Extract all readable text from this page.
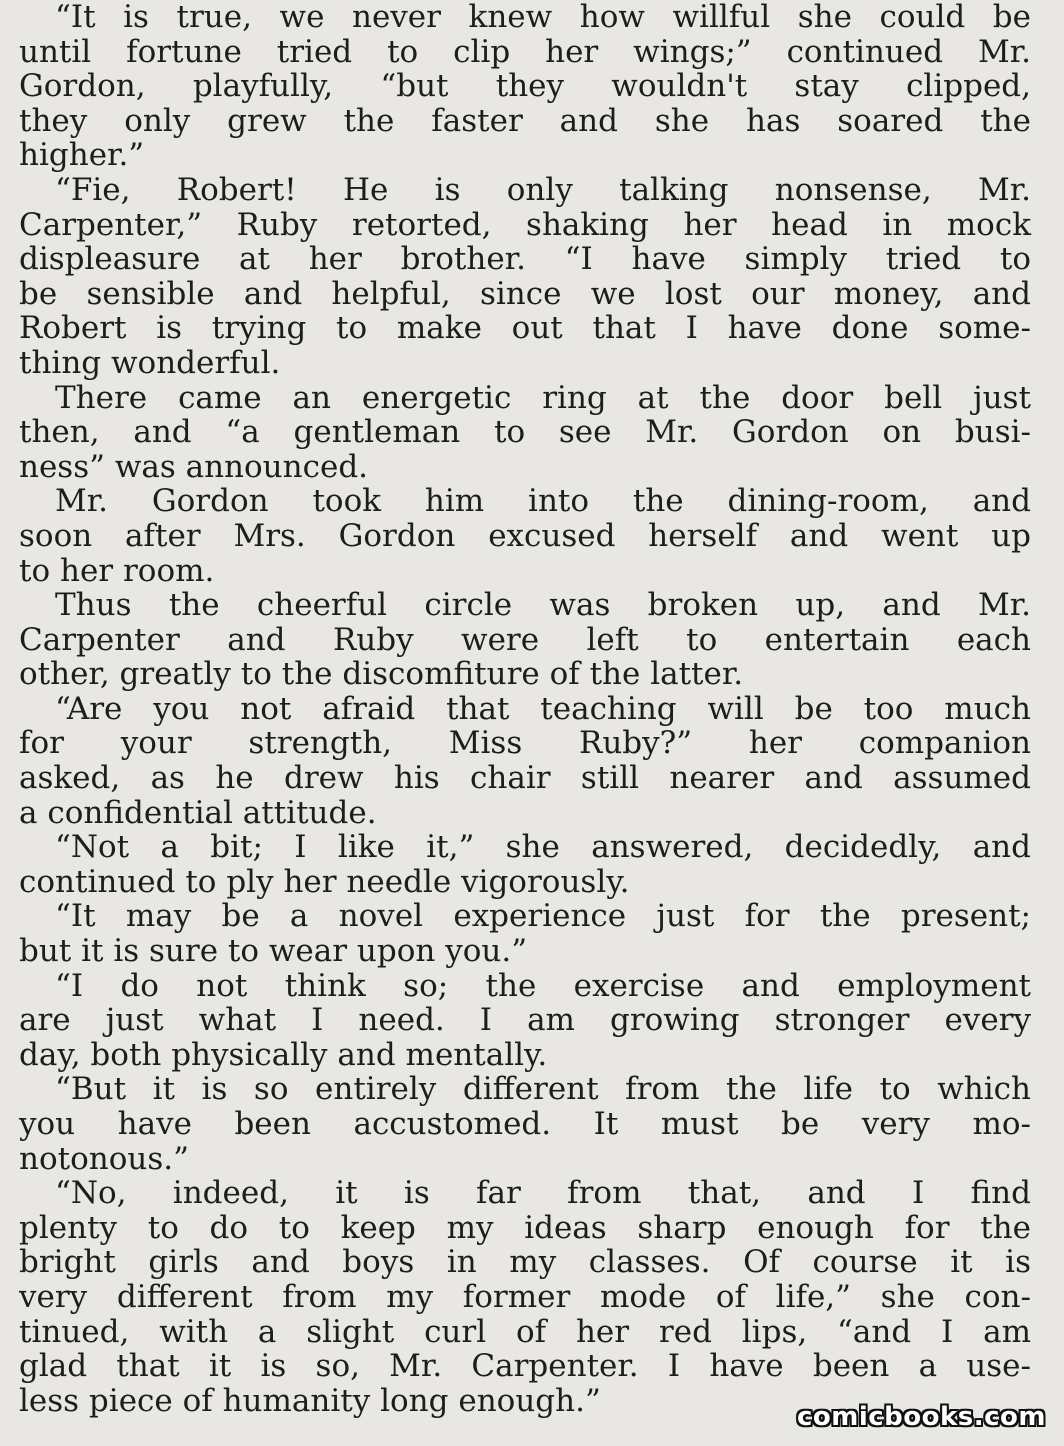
“It is true, we never knew how willful she could be
until fortune tried to clip her wings;” continued Mr.
Gordon, playfully, “but they wouldn't stay clipped,
they only grew the faster and she has soared the
higher.”
“Fie, Robert! He is only talking nonsense, Mr.
Carpenter,” Ruby retorted, shaking her head in mock
displeasure at her brother. “I have simply tried to
be sensible and helpful, since we lost our money, and
Robert is trying to make out that I have done some-
thing wonderful.
There came an energetic ring at the door bell just
then, and “a gentleman to see Mr. Gordon on busi-
ness” was announced.
Mr. Gordon took him into the dining-room, and
soon after Mrs. Gordon excused herself and went up
to her room.
Thus the cheerful circle was broken up, and Mr.
Carpenter and Ruby were left to entertain each
other, greatly to the discomfiture of the latter.
“Are you not afraid that teaching will be too much
for your strength, Miss Ruby?” her companion
asked, as he drew his chair still nearer and assumed
a confidential attitude.
“Not a bit; I like it,” she answered, decidedly, and
continued to ply her needle vigorously.
“It may be a novel experience just for the present;
but it is sure to wear upon you.”
“I do not think so; the exercise and employment
are just what I need. I am growing stronger every
day, both physically and mentally.
“But it is so entirely different from the life to which
you have been accustomed. It must be very mo-
notonous.”
“No, indeed, it is far from that, and I find
plenty to do to keep my ideas sharp enough for the
bright girls and boys in my classes. Of course it is
very different from my former mode of life,” she con-
tinued, with a slight curl of her red lips, “and I am
glad that it is so, Mr. Carpenter. I have been a use-
less piece of humanity long enough.”	comicbooks.com
